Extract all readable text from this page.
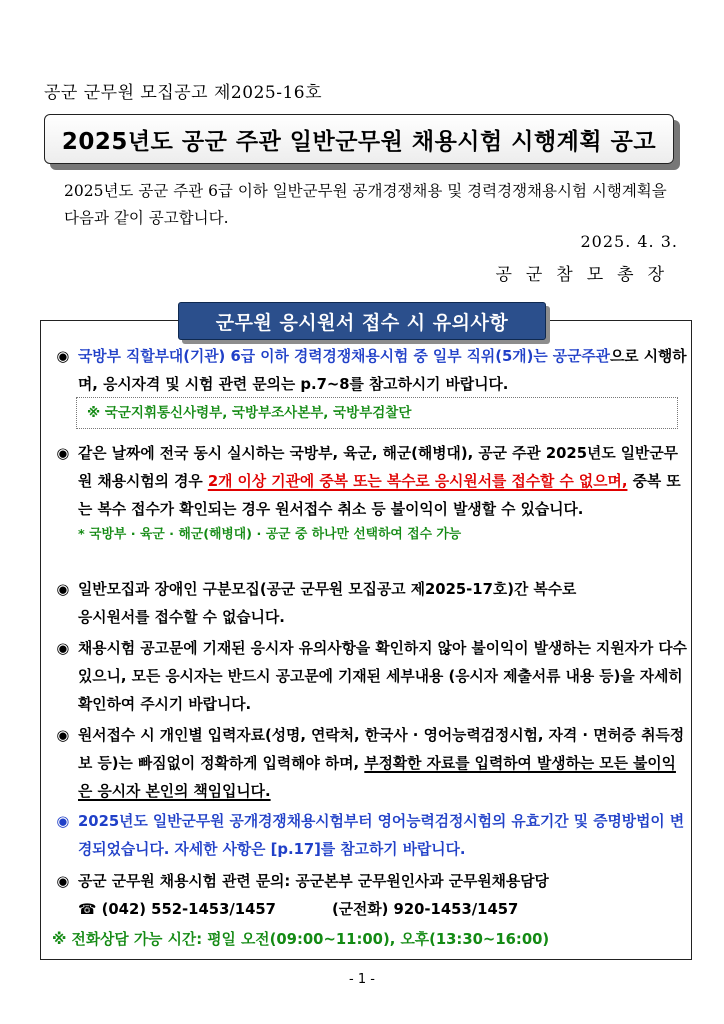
공군 군무원 모집공고 제2025-16호
2025년도 공군 주관 일반군무원 채용시험 시행계획 공고
2025년도 공군 주관 6급 이하 일반군무원 공개경쟁채용 및 경력경쟁채용시험 시행계획을 다음과 같이 공고합니다.
2025. 4. 3.
공군참모총장
군무원 응시원서 접수 시 유의사항
◉ 국방부 직할부대(기관) 6급 이하 경력경쟁채용시험 중 일부 직위(5개)는 공군주관으로 시행하며, 응시자격 및 시험 관련 문의는 p.7~8를 참고하시기 바랍니다.
※ 국군지휘통신사령부, 국방부조사본부, 국방부검찰단
◉ 같은 날짜에 전국 동시 실시하는 국방부, 육군, 해군(해병대), 공군 주관 2025년도 일반군무원 채용시험의 경우 2개 이상 기관에 중복 또는 복수로 응시원서를 접수할 수 없으며, 중복 또는 복수 접수가 확인되는 경우 원서접수 취소 등 불이익이 발생할 수 있습니다.
* 국방부 · 육군 · 해군(해병대) · 공군 중 하나만 선택하여 접수 가능
◉ 일반모집과 장애인 구분모집(공군 군무원 모집공고 제2025-17호)간 복수로
응시원서를 접수할 수 없습니다.
◉ 채용시험 공고문에 기재된 응시자 유의사항을 확인하지 않아 불이익이 발생하는 지원자가 다수 있으니, 모든 응시자는 반드시 공고문에 기재된 세부내용 (응시자 제출서류 내용 등)을 자세히 확인하여 주시기 바랍니다.
◉ 원서접수 시 개인별 입력자료(성명, 연락처, 한국사 · 영어능력검정시험, 자격 · 면허증 취득정보 등)는 빠짐없이 정확하게 입력해야 하며, 부정확한 자료를 입력하여 발생하는 모든 불이익은 응시자 본인의 책임입니다.
◉ 2025년도 일반군무원 공개경쟁채용시험부터 영어능력검정시험의 유효기간 및 증명방법이 변경되었습니다. 자세한 사항은 [p.17]를 참고하기 바랍니다.
◉ 공군 군무원 채용시험 관련 문의: 공군본부 군무원인사과 군무원채용담당
☎
(042) 552-1453/1457	(군전화) 920-1453/1457
※ 전화상담 가능 시간: 평일 오전(09:00~11:00), 오후(13:30~16:00)
- 1 -
